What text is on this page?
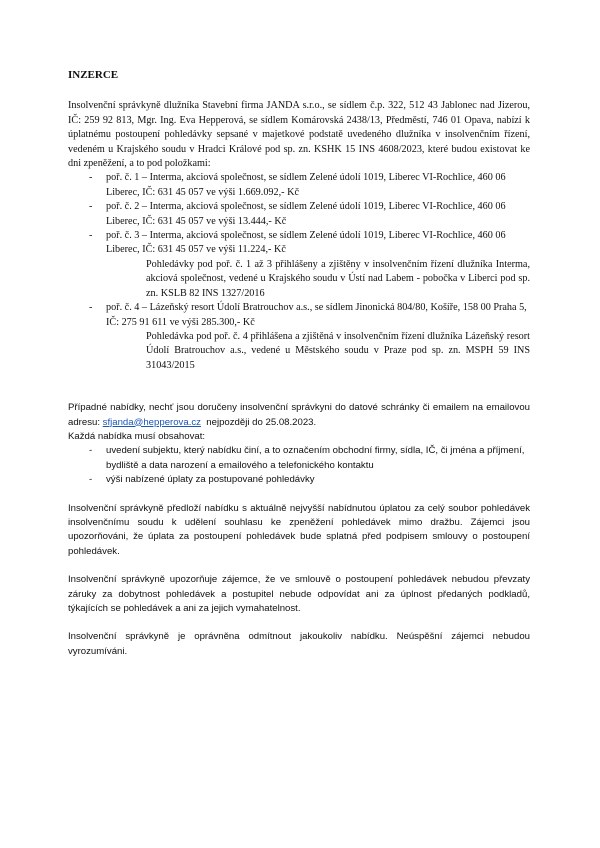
INZERCE

Insolvenční správkyně dlužníka Stavební firma JANDA s.r.o., se sídlem č.p. 322, 512 43 Jablonec nad Jizerou, IČ: 259 92 813, Mgr. Ing. Eva Hepperová, se sídlem Komárovská 2438/13, Předměstí, 746 01 Opava, nabízí k úplatnému postoupení pohledávky sepsané v majetkové podstatě uvedeného dlužníka v insolvenčním řízení, vedeném u Krajského soudu v Hradci Králové pod sp. zn. KSHK 15 INS 4608/2023, které budou existovat ke dni zpeněžení, a to pod položkami:

- poř. č. 1 – Interma, akciová společnost, se sídlem Zelené údolí 1019, Liberec VI-Rochlice, 460 06 Liberec, IČ: 631 45 057 ve výši 1.669.092,- Kč
- poř. č. 2 – Interma, akciová společnost, se sídlem Zelené údolí 1019, Liberec VI-Rochlice, 460 06 Liberec, IČ: 631 45 057 ve výši 13.444,- Kč
- poř. č. 3 – Interma, akciová společnost, se sídlem Zelené údolí 1019, Liberec VI-Rochlice, 460 06 Liberec, IČ: 631 45 057 ve výši 11.224,- Kč

Pohledávky pod poř. č. 1 až 3 přihlášeny a zjištěny v insolvenčním řízení dlužníka Interma, akciová společnost, vedené u Krajského soudu v Ústí nad Labem - pobočka v Liberci pod sp. zn. KSLB 82 INS 1327/2016

- poř. č. 4 – Lázeňský resort Údolí Bratrouchov a.s., se sídlem Jinonická 804/80, Košíře, 158 00 Praha 5, IČ: 275 91 611 ve výši 285.300,- Kč

Pohledávka pod poř. č. 4 přihlášena a zjištěná v insolvenčním řízení dlužníka Lázeňský resort Údolí Bratrouchov a.s., vedené u Městského soudu v Praze pod sp. zn. MSPH 59 INS 31043/2015

Případné nabídky, nechť jsou doručeny insolvenční správkyni do datové schránky či emailem na emailovou adresu: sfjanda@hepperova.cz  nejpozději do 25.08.2023.

Každá nabídka musí obsahovat:

- uvedení subjektu, který nabídku činí, a to označením obchodní firmy, sídla, IČ, či jména a příjmení, bydliště a data narození a emailového a telefonického kontaktu
- výši nabízené úplaty za postupované pohledávky

Insolvenční správkyně předloží nabídku s aktuálně nejvyšší nabídnutou úplatou za celý soubor pohledávek insolvenčnímu soudu k udělení souhlasu ke zpeněžení pohledávek mimo dražbu. Zájemci jsou upozorňováni, že úplata za postoupení pohledávek bude splatná před podpisem smlouvy o postoupení pohledávek.

Insolvenční správkyně upozorňuje zájemce, že ve smlouvě o postoupení pohledávek nebudou převzaty záruky za dobytnost pohledávek a postupitel nebude odpovídat ani za úplnost předaných podkladů, týkajících se pohledávek a ani za jejich vymahatelnost.

Insolvenční správkyně je oprávněna odmítnout jakoukoliv nabídku. Neúspěšní zájemci nebudou vyrozumíváni.
